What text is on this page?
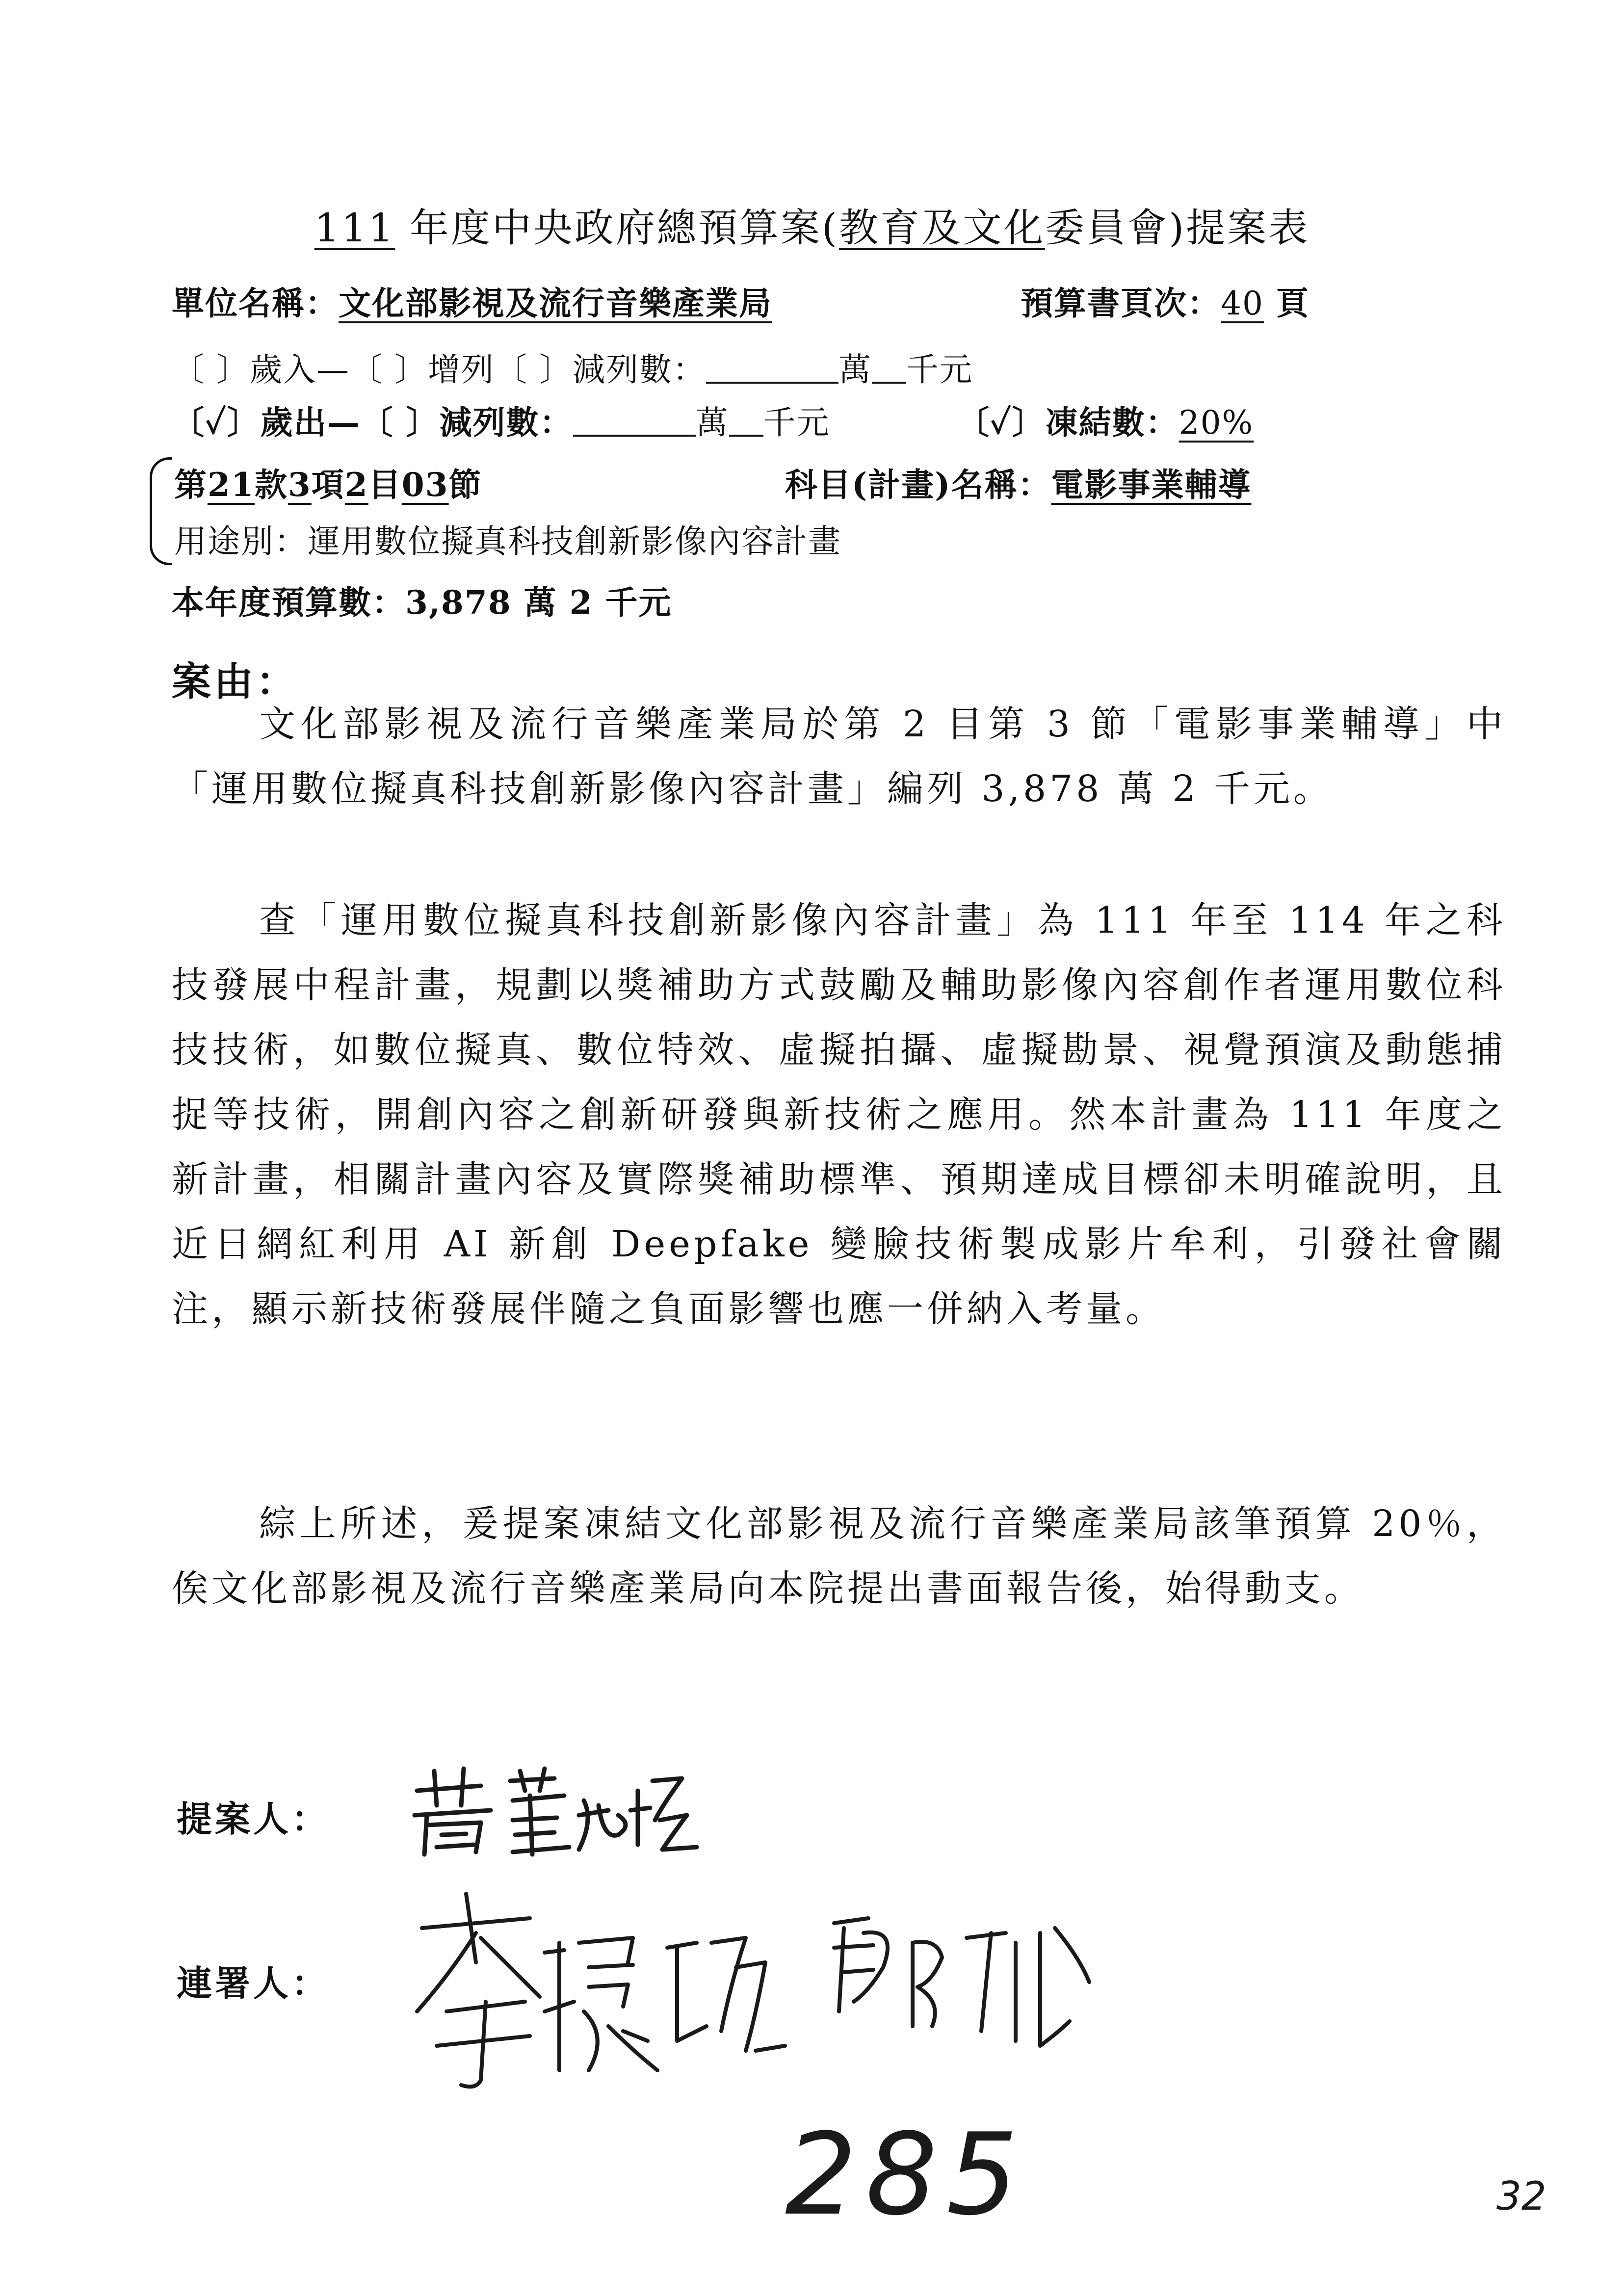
111 年度中央政府總預算案(教育及文化委員會)提案表
單位名稱：文化部影視及流行音樂產業局	預算書頁次：40 頁
〔 〕歲入—〔 〕增列〔 〕減列數：	萬 千元
〔✓〕歲出—〔 〕減列數：	萬 千元	〔✓〕凍結數：20%
第21款3項2目03節	科目(計畫)名稱：電影事業輔導
用途別：運用數位擬真科技創新影像內容計畫
本年度預算數：3,878 萬 2 千元
案由：

文化部影視及流行音樂產業局於第 2 目第 3 節「電影事業輔導」中「運用數位擬真科技創新影像內容計畫」編列 3,878 萬 2 千元。

查「運用數位擬真科技創新影像內容計畫」為 111 年至 114 年之科技發展中程計畫，規劃以獎補助方式鼓勵及輔助影像內容創作者運用數位科技技術，如數位擬真、數位特效、虛擬拍攝、虛擬勘景、視覺預演及動態捕捉等技術，開創內容之創新研發與新技術之應用。然本計畫為 111 年度之新計畫，相關計畫內容及實際獎補助標準、預期達成目標卻未明確說明，且近日網紅利用 AI 新創 Deepfake 變臉技術製成影片牟利，引發社會關注，顯示新技術發展伴隨之負面影響也應一併納入考量。

綜上所述，爰提案凍結文化部影視及流行音樂產業局該筆預算 20％，俟文化部影視及流行音樂產業局向本院提出書面報告後，始得動支。

提案人：
連署人：
285	32
